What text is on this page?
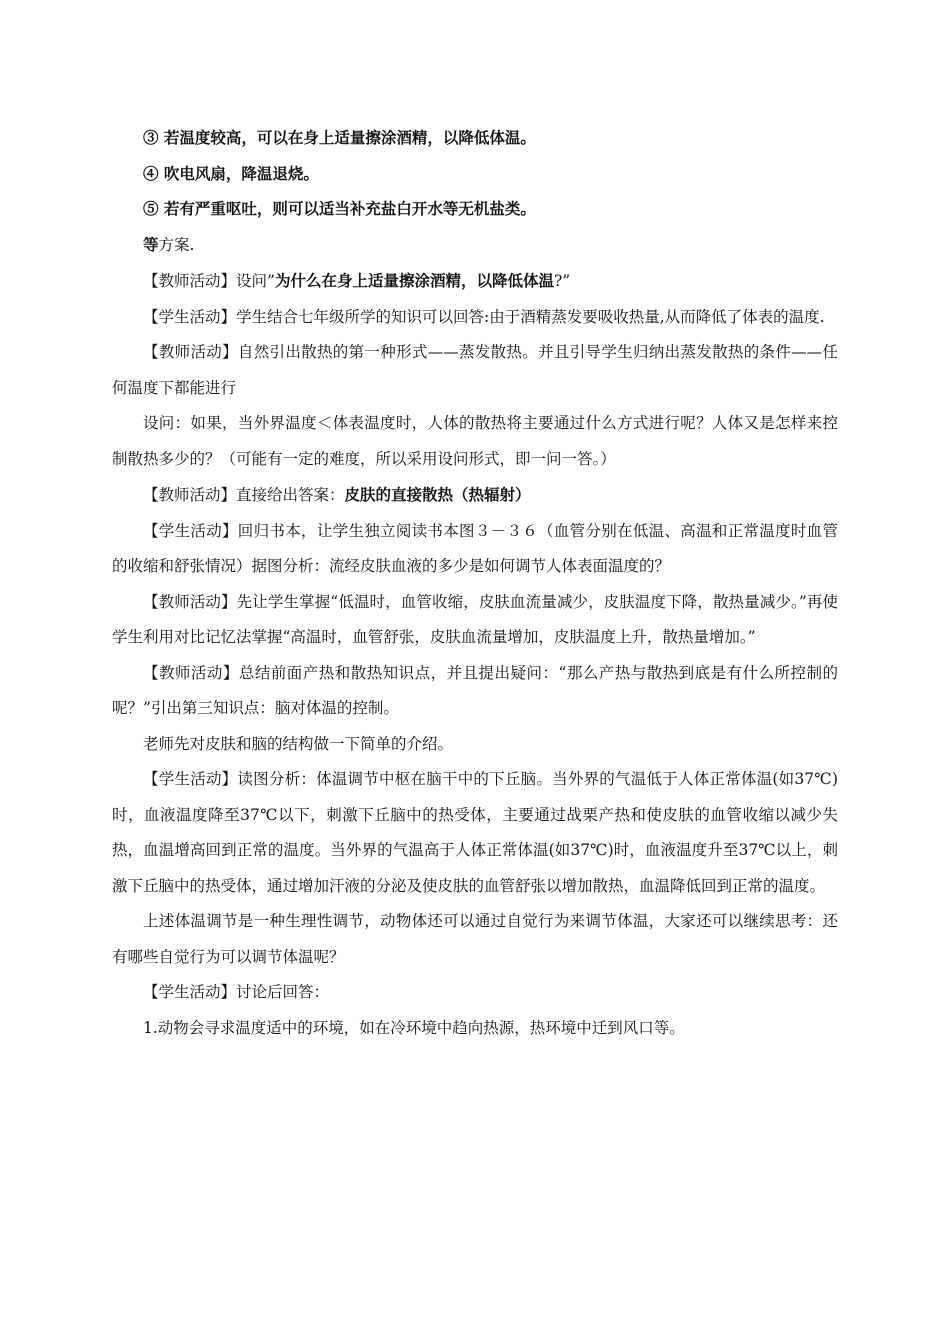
③ 若温度较高，可以在身上适量擦涂酒精，以降低体温。

④ 吹电风扇，降温退烧。

⑤ 若有严重呕吐，则可以适当补充盐白开水等无机盐类。

等方案.

【教师活动】设问”为什么在身上适量擦涂酒精，以降低体温?”

【学生活动】学生结合七年级所学的知识可以回答:由于酒精蒸发要吸收热量,从而降低了体表的温度.

【教师活动】自然引出散热的第一种形式——蒸发散热。并且引导学生归纳出蒸发散热的条件——任何温度下都能进行

设问：如果，当外界温度＜体表温度时，人体的散热将主要通过什么方式进行呢？人体又是怎样来控制散热多少的？（可能有一定的难度，所以采用设问形式，即一问一答。）

【教师活动】直接给出答案：皮肤的直接散热（热辐射）

【学生活动】回归书本，让学生独立阅读书本图３－３６（血管分别在低温、高温和正常温度时血管的收缩和舒张情况）据图分析：流经皮肤血液的多少是如何调节人体表面温度的？

【教师活动】先让学生掌握“低温时，血管收缩，皮肤血流量减少，皮肤温度下降，散热量减少。”再使学生利用对比记忆法掌握“高温时，血管舒张，皮肤血流量增加，皮肤温度上升，散热量增加。”

【教师活动】总结前面产热和散热知识点，并且提出疑问：“那么产热与散热到底是有什么所控制的呢？”引出第三知识点：脑对体温的控制。

老师先对皮肤和脑的结构做一下简单的介绍。

【学生活动】读图分析：体温调节中枢在脑干中的下丘脑。当外界的气温低于人体正常体温(如37℃)时，血液温度降至37℃以下，刺激下丘脑中的热受体，主要通过战栗产热和使皮肤的血管收缩以减少失热，血温增高回到正常的温度。当外界的气温高于人体正常体温(如37℃)时，血液温度升至37℃以上，刺激下丘脑中的热受体，通过增加汗液的分泌及使皮肤的血管舒张以增加散热，血温降低回到正常的温度。

上述体温调节是一种生理性调节，动物体还可以通过自觉行为来调节体温，大家还可以继续思考：还有哪些自觉行为可以调节体温呢？

【学生活动】讨论后回答：

1.动物会寻求温度适中的环境，如在冷环境中趋向热源，热环境中迁到风口等。
